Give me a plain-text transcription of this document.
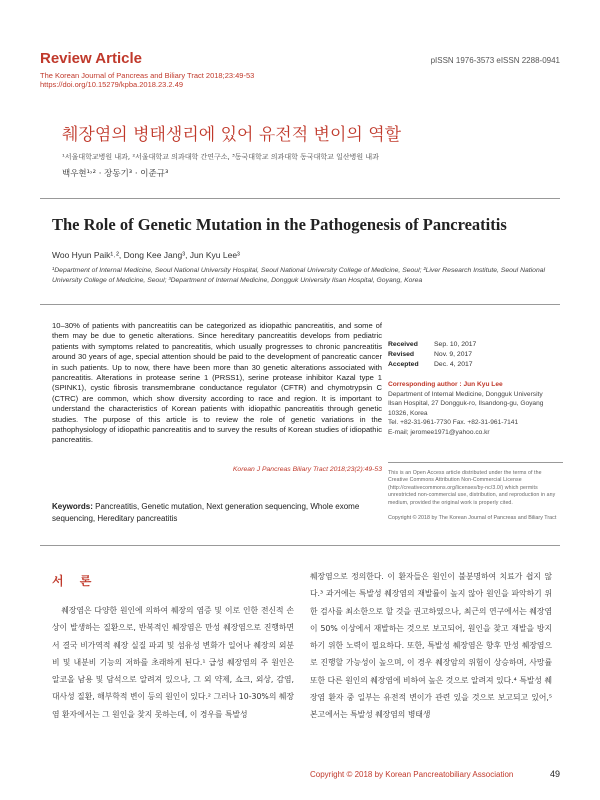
Review Article	pISSN 1976-3573 eISSN 2288-0941
The Korean Journal of Pancreas and Biliary Tract 2018;23:49-53
https://doi.org/10.15279/kpba.2018.23.2.49
췌장염의 병태생리에 있어 유전적 변이의 역할
¹서울대학교병원 내과, ²서울대학교 의과대학 간연구소, ³동국대학교 의과대학 동국대학교 일산병원 내과
백우현¹˒² · 장동기³ · 이준규³
The Role of Genetic Mutation in the Pathogenesis of Pancreatitis
Woo Hyun Paik¹˒², Dong Kee Jang³, Jun Kyu Lee³
¹Department of Internal Medicine, Seoul National University Hospital, Seoul National University College of Medicine, Seoul; ²Liver Research Institute, Seoul National University College of Medicine, Seoul; ³Department of Internal Medicine, Dongguk University Ilsan Hospital, Goyang, Korea
10–30% of patients with pancreatitis can be categorized as idiopathic pancreatitis, and some of them may be due to genetic alterations. Since hereditary pancreatitis develops from pediatric patients with symptoms related to pancreatitis, which usually progresses to chronic pancreatitis around 30 years of age, special attention should be paid to the development of pancreatic cancer in such patients. Up to now, there have been more than 30 genetic alterations associated with pancreatitis. Alterations in protease serine 1 (PRSS1), serine protease inhibitor Kazal type 1 (SPINK1), cystic fibrosis transmembrane conductance regulator (CFTR) and chymotrypsin C (CTRC) are common, which show diversity according to race and region. It is important to understand the characteristics of Korean patients with idiopathic pancreatitis through genetic studies. The purpose of this article is to review the role of genetic variations in the pathophysiology of idiopathic pancreatitis and to survey the results of Korean studies of idiopathic pancreatitis.
Korean J Pancreas Biliary Tract 2018;23(2):49-53
Keywords: Pancreatitis, Genetic mutation, Next generation sequencing, Whole exome sequencing, Hereditary pancreatitis
Received Sep. 10, 2017
Revised	Nov. 9, 2017
Accepted Dec. 4, 2017
Corresponding author : Jun Kyu Lee
Department of Internal Medicine, Dongguk University
Ilsan Hospital, 27 Dongguk-ro, Ilsandong-gu, Goyang
10326, Korea
Tel. +82-31-961-7730 Fax. +82-31-961-7141
E-mail; jeromee1971@yahoo.co.kr
This is an Open Access article distributed under the terms of the Creative Commons Attribution Non-Commercial License (http://creativecommons.org/licenses/by-nc/3.0/) which permits unrestricted non-commercial use, distribution, and reproduction in any medium, provided the original work is properly cited.
Copyright © 2018 by The Korean Journal of Pancreas and Biliary Tract
서 론
췌장염은 다양한 원인에 의하여 췌장의 염증 및 이로 인한 전신적 손상이 발생하는 질환으로, 반복적인 췌장염은 만성 췌장염으로 진행하면서 결국 비가역적 췌장 실질 파괴 및 섬유성 변화가 일어나 췌장의 외분비 및 내분비 기능의 저하를 초래하게 된다.¹ 급성 췌장염의 주 원인은 알코올 남용 및 담석으로 알려져 있으나, 그 외 약제, 쇼크, 외상, 감염, 대사성 질환, 해부학적 변이 등의 원인이 있다.² 그러나 10-30%의 췌장염 환자에서는 그 원인을 찾지 못하는데, 이 경우를 특발성
췌장염으로 정의한다. 이 환자들은 원인이 불분명하여 치료가 쉽지 않다.³ 과거에는 특발성 췌장염의 재발률이 높지 않아 원인을 파악하기 위한 검사를 최소한으로 할 것을 권고하였으나, 최근의 연구에서는 췌장염이 50% 이상에서 재발하는 것으로 보고되어, 원인을 찾고 재발을 방지하기 위한 노력이 필요하다. 또한, 특발성 췌장염은 향후 만성 췌장염으로 진행할 가능성이 높으며, 이 경우 췌장암의 위험이 상승하며, 사망률 또한 다른 원인의 췌장염에 비하여 높은 것으로 알려져 있다.⁴ 특발성 췌장염 환자 중 일부는 유전적 변이가 관련 있을 것으로 보고되고 있어,⁵ 본고에서는 특발성 췌장염의 병태생
Copyright © 2018 by Korean Pancreatobiliary Association	49
